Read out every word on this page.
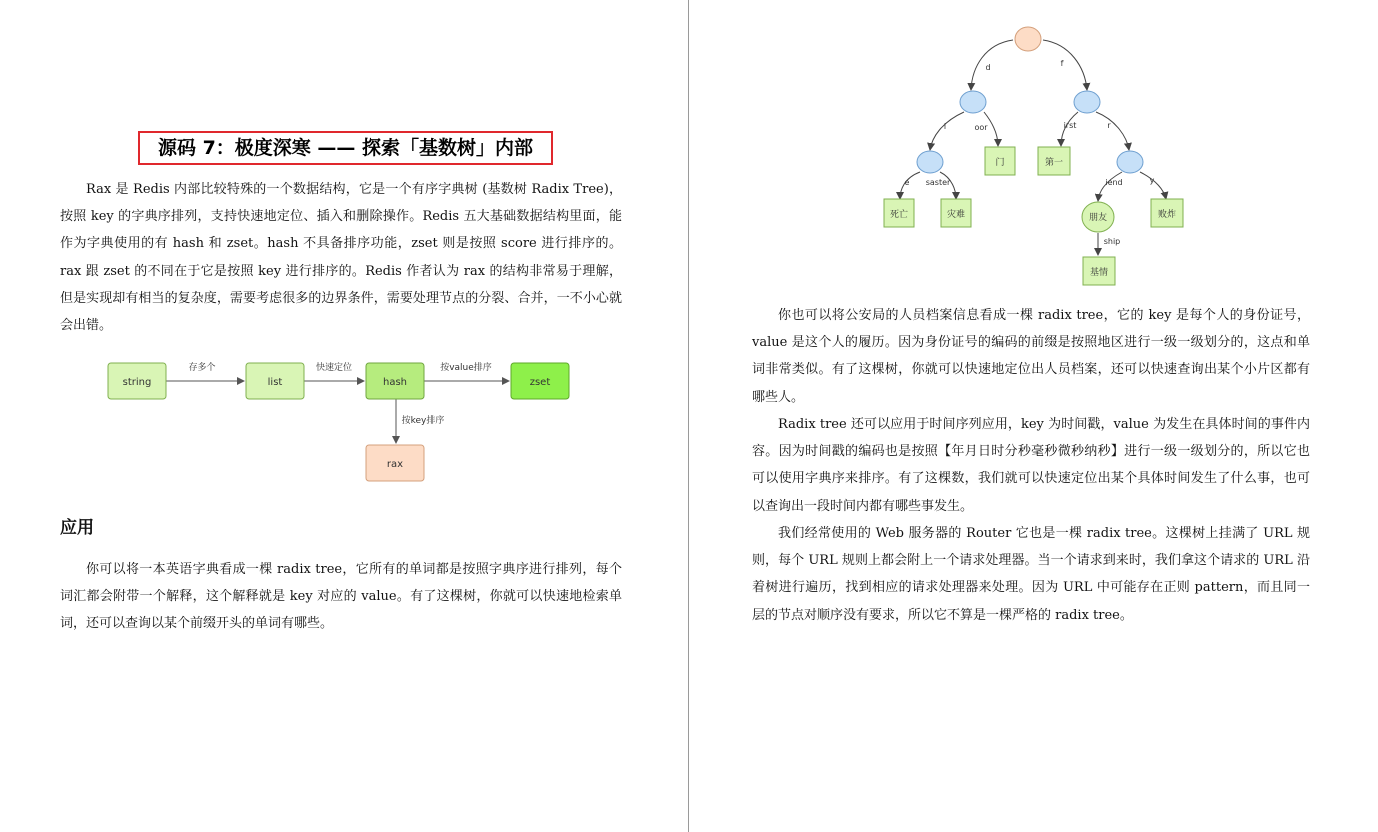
源码 7：极度深寒 —— 探索「基数树」内部

Rax 是 Redis 内部比较特殊的一个数据结构，它是一个有序字典树 (基数树 Radix Tree)，按照 key 的字典序排列，支持快速地定位、插入和删除操作。Redis 五大基础数据结构里面，能作为字典使用的有 hash 和 zset。hash 不具备排序功能，zset 则是按照 score 进行排序的。rax 跟 zset 的不同在于它是按照 key 进行排序的。Redis 作者认为 rax 的结构非常易于理解，但是实现却有相当的复杂度，需要考虑很多的边界条件，需要处理节点的分裂、合并，一不小心就会出错。

存多个	快速定位	按value排序
按key排序
string	list	hash	zset
rax
应用

你可以将一本英语字典看成一棵 radix tree，它所有的单词都是按照字典序进行排列，每个词汇都会附带一个解释，这个解释就是 key 对应的 value。有了这棵树，你就可以快速地检索单词，还可以查询以某个前缀开头的单词有哪些。

d	f
i	oor	irst	r
e saster	iend	y
ship
门	第一
死亡	灾难	朋友	败炸
基情

你也可以将公安局的人员档案信息看成一棵 radix tree，它的 key 是每个人的身份证号，value 是这个人的履历。因为身份证号的编码的前缀是按照地区进行一级一级划分的，这点和单词非常类似。有了这棵树，你就可以快速地定位出人员档案，还可以快速查询出某个小片区都有哪些人。

Radix tree 还可以应用于时间序列应用，key 为时间戳，value 为发生在具体时间的事件内容。因为时间戳的编码也是按照【年月日时分秒毫秒微秒纳秒】进行一级一级划分的，所以它也可以使用字典序来排序。有了这棵数，我们就可以快速定位出某个具体时间发生了什么事，也可以查询出一段时间内都有哪些事发生。

我们经常使用的 Web 服务器的 Router 它也是一棵 radix tree。这棵树上挂满了 URL 规则，每个 URL 规则上都会附上一个请求处理器。当一个请求到来时，我们拿这个请求的 URL 沿着树进行遍历，找到相应的请求处理器来处理。因为 URL 中可能存在正则 pattern，而且同一层的节点对顺序没有要求，所以它不算是一棵严格的 radix tree。
